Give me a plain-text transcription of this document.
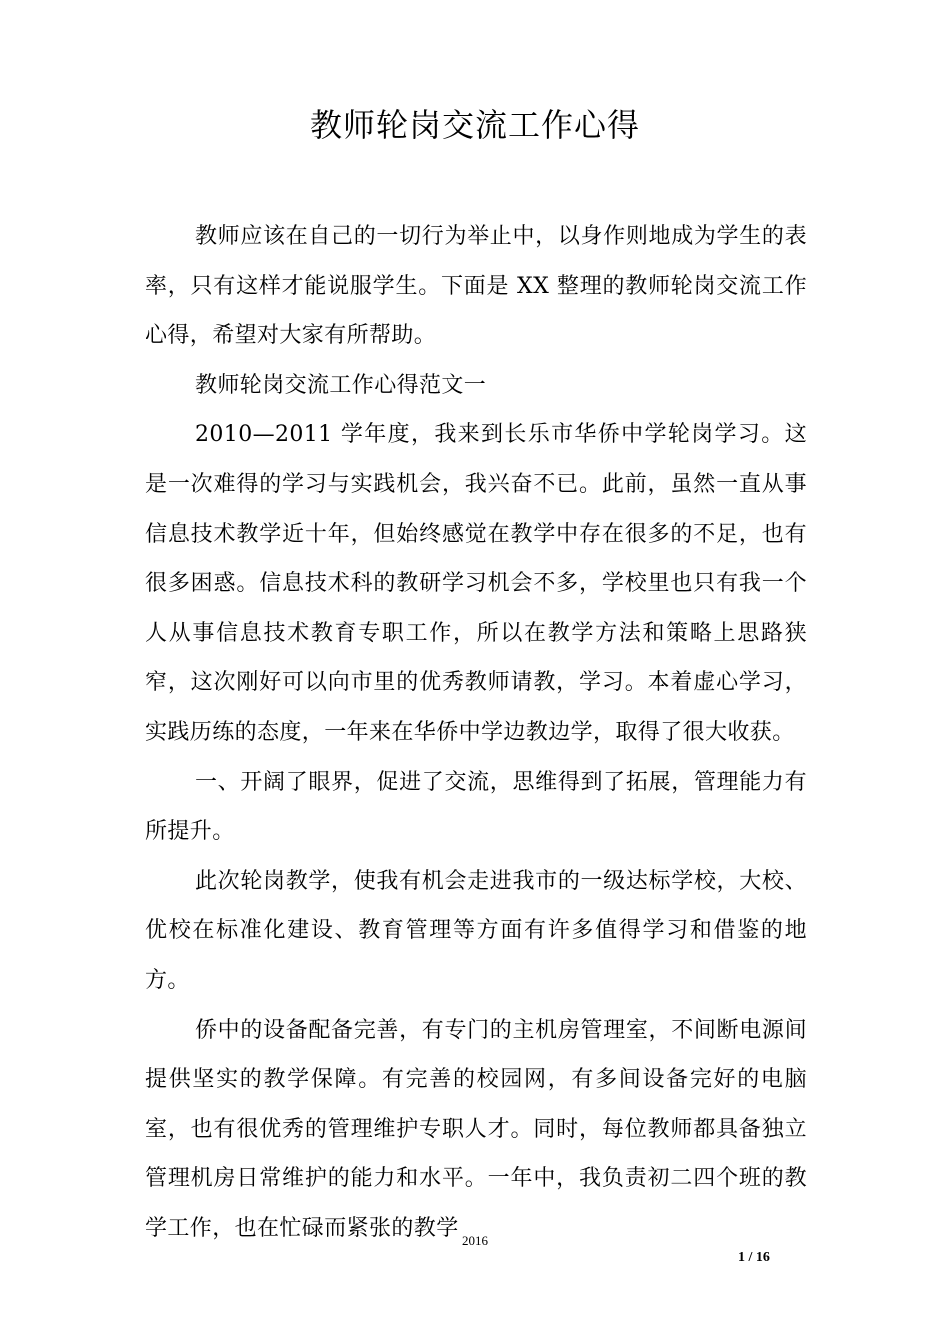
教师轮岗交流工作心得

教师应该在自己的一切行为举止中，以身作则地成为学生的表率，只有这样才能说服学生。下面是 XX 整理的教师轮岗交流工作心得，希望对大家有所帮助。

教师轮岗交流工作心得范文一

2010—2011 学年度，我来到长乐市华侨中学轮岗学习。这是一次难得的学习与实践机会，我兴奋不已。此前，虽然一直从事信息技术教学近十年，但始终感觉在教学中存在很多的不足，也有很多困惑。信息技术科的教研学习机会不多，学校里也只有我一个人从事信息技术教育专职工作，所以在教学方法和策略上思路狭窄，这次刚好可以向市里的优秀教师请教，学习。本着虚心学习，实践历练的态度，一年来在华侨中学边教边学，取得了很大收获。

一、开阔了眼界，促进了交流，思维得到了拓展，管理能力有所提升。

此次轮岗教学，使我有机会走进我市的一级达标学校，大校、优校在标准化建设、教育管理等方面有许多值得学习和借鉴的地方。

侨中的设备配备完善，有专门的主机房管理室，不间断电源间提供坚实的教学保障。有完善的校园网，有多间设备完好的电脑室，也有很优秀的管理维护专职人才。同时，每位教师都具备独立管理机房日常维护的能力和水平。一年中，我负责初二四个班的教学工作，也在忙碌而紧张的教学 2016
1 / 16
